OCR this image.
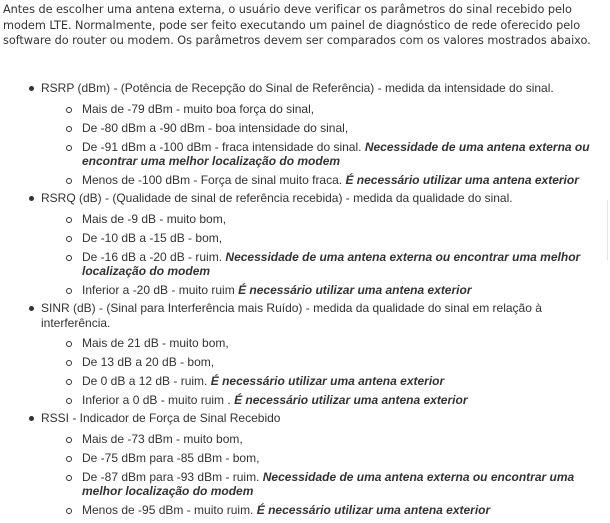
Antes de escolher uma antena externa, o usuário deve verificar os parâmetros do sinal recebido pelo modem LTE. Normalmente, pode ser feito executando um painel de diagnóstico de rede oferecido pelo software do router ou modem. Os parâmetros devem ser comparados com os valores mostrados abaixo.

RSRP (dBm) - (Potência de Recepção do Sinal de Referência) - medida da intensidade do sinal.
Mais de -79 dBm - muito boa força do sinal,
De -80 dBm a -90 dBm - boa intensidade do sinal,
De -91 dBm a -100 dBm - fraca intensidade do sinal. Necessidade de uma antena externa ou encontrar uma melhor localização do modem
Menos de -100 dBm - Força de sinal muito fraca. É necessário utilizar uma antena exterior
RSRQ (dB) - (Qualidade de sinal de referência recebida) - medida da qualidade do sinal.
Mais de -9 dB - muito bom,
De -10 dB a -15 dB - bom,
De -16 dB a -20 dB - ruim. Necessidade de uma antena externa ou encontrar uma melhor localização do modem
Inferior a -20 dB - muito ruim É necessário utilizar uma antena exterior
SINR (dB) - (Sinal para Interferência mais Ruído) - medida da qualidade do sinal em relação à interferência.
Mais de 21 dB - muito bom,
De 13 dB a 20 dB - bom,
De 0 dB a 12 dB - ruim. É necessário utilizar uma antena exterior
Inferior a 0 dB - muito ruim . É necessário utilizar uma antena exterior
RSSI - Indicador de Força de Sinal Recebido
Mais de -73 dBm - muito bom,
De -75 dBm para -85 dBm - bom,
De -87 dBm para -93 dBm - ruim. Necessidade de uma antena externa ou encontrar uma melhor localização do modem
Menos de -95 dBm - muito ruim. É necessário utilizar uma antena exterior
